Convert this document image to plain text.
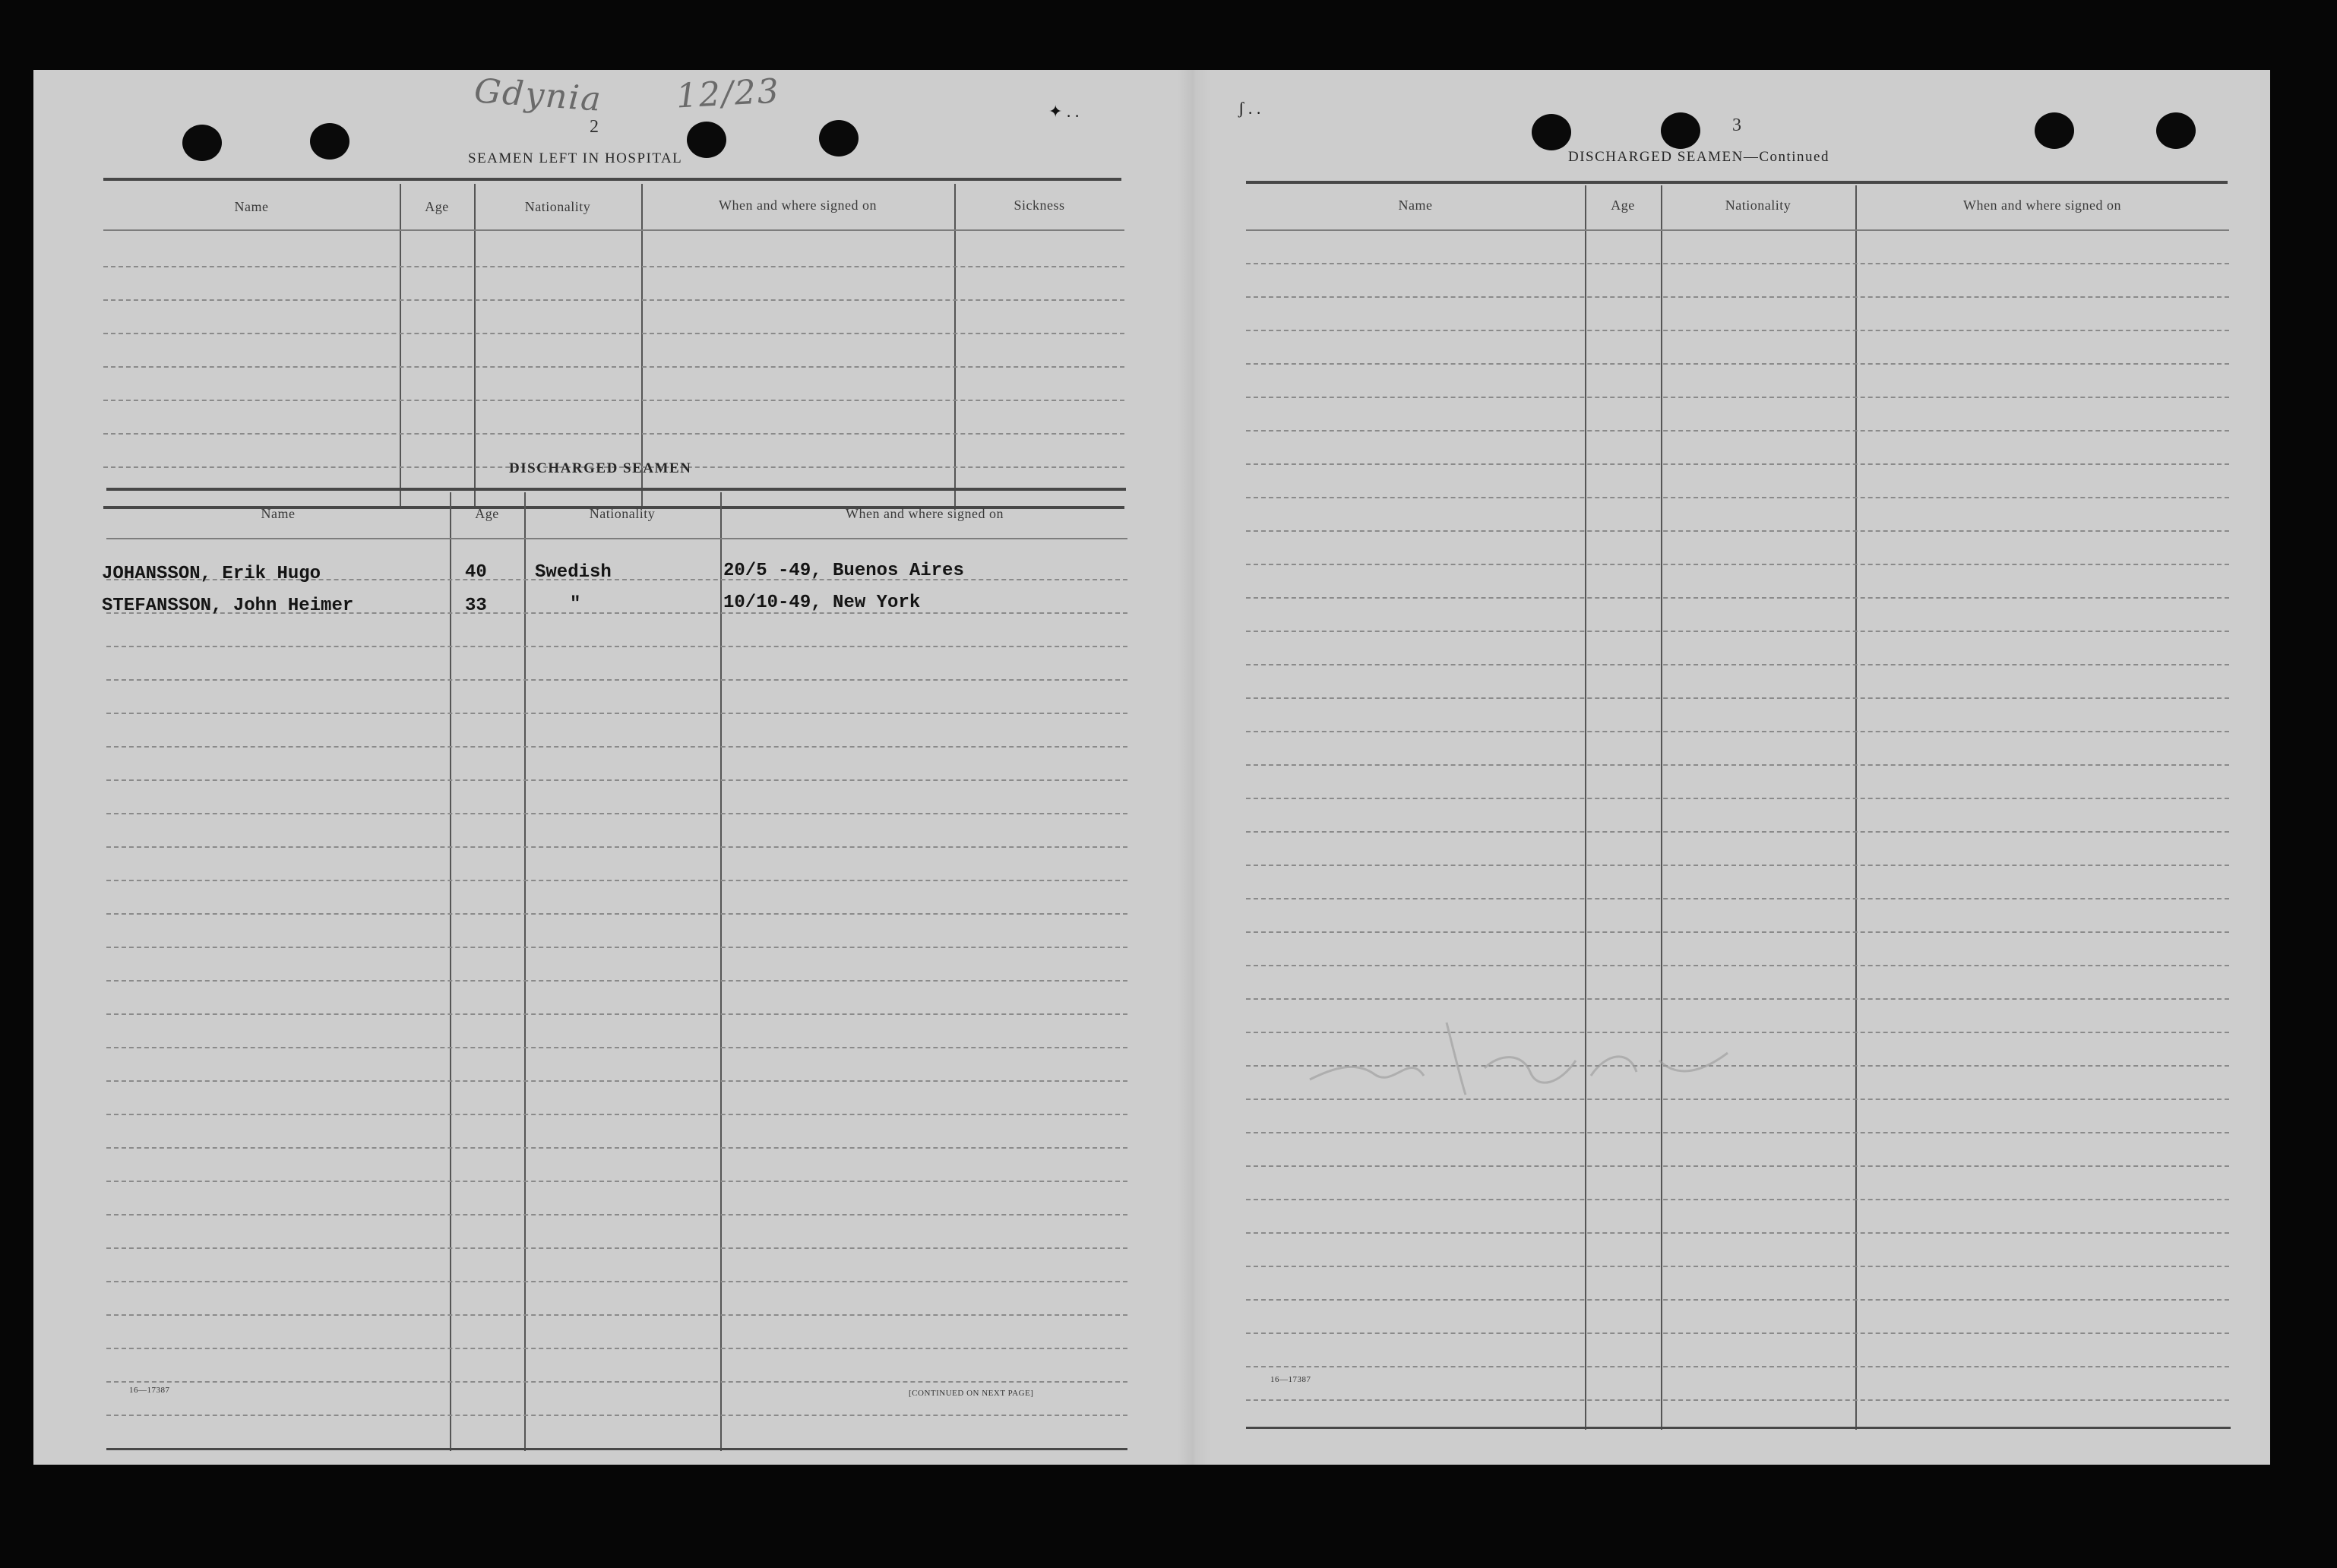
✦ . .	ʃ . .
Gdynia 12/23
2
SEAMEN LEFT IN HOSPITAL
Name	Age	Nationality	When and where signed on	Sickness
DISCHARGED SEAMEN
Name	Age	Nationality	When and where signed on
JOHANSSON, Erik Hugo	40	Swedish	20/5 -49, Buenos Aires
STEFANSSON, John Heimer	33	"	10/10-49, New York
16—17387	[CONTINUED ON NEXT PAGE]
3
DISCHARGED SEAMEN—Continued
Name	Age	Nationality	When and where signed on
16—17387
